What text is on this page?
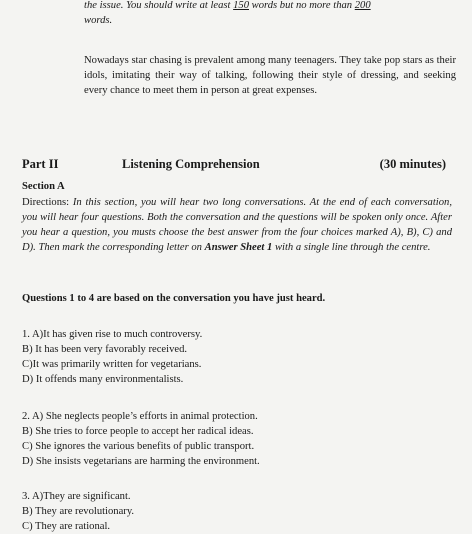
the issue. You should write at least 150 words but no more than 200
words.
Nowadays star chasing is prevalent among many teenagers. They take pop stars as their idols, imitating their way of talking, following their style of dressing, and seeking every chance to meet them in person at great expenses.
Part II	Listening Comprehension	(30 minutes)
Section A
Directions: In this section, you will hear two long conversations. At the end of each conversation, you will hear four questions. Both the conversation and the questions will be spoken only once. After you hear a question, you musts choose the best answer from the four choices marked A), B), C) and D). Then mark the corresponding letter on Answer Sheet 1 with a single line through the centre.
Questions 1 to 4 are based on the conversation you have just heard.
1. A)It has given rise to much controversy.
B) It has been very favorably received.
C)It was primarily written for vegetarians.
D) It offends many environmentalists.
2. A) She neglects people’s efforts in animal protection.
B) She tries to force people to accept her radical ideas.
C) She ignores the various benefits of public transport.
D) She insists vegetarians are harming the environment.
3. A)They are significant.
B) They are revolutionary.
C) They are rational.
